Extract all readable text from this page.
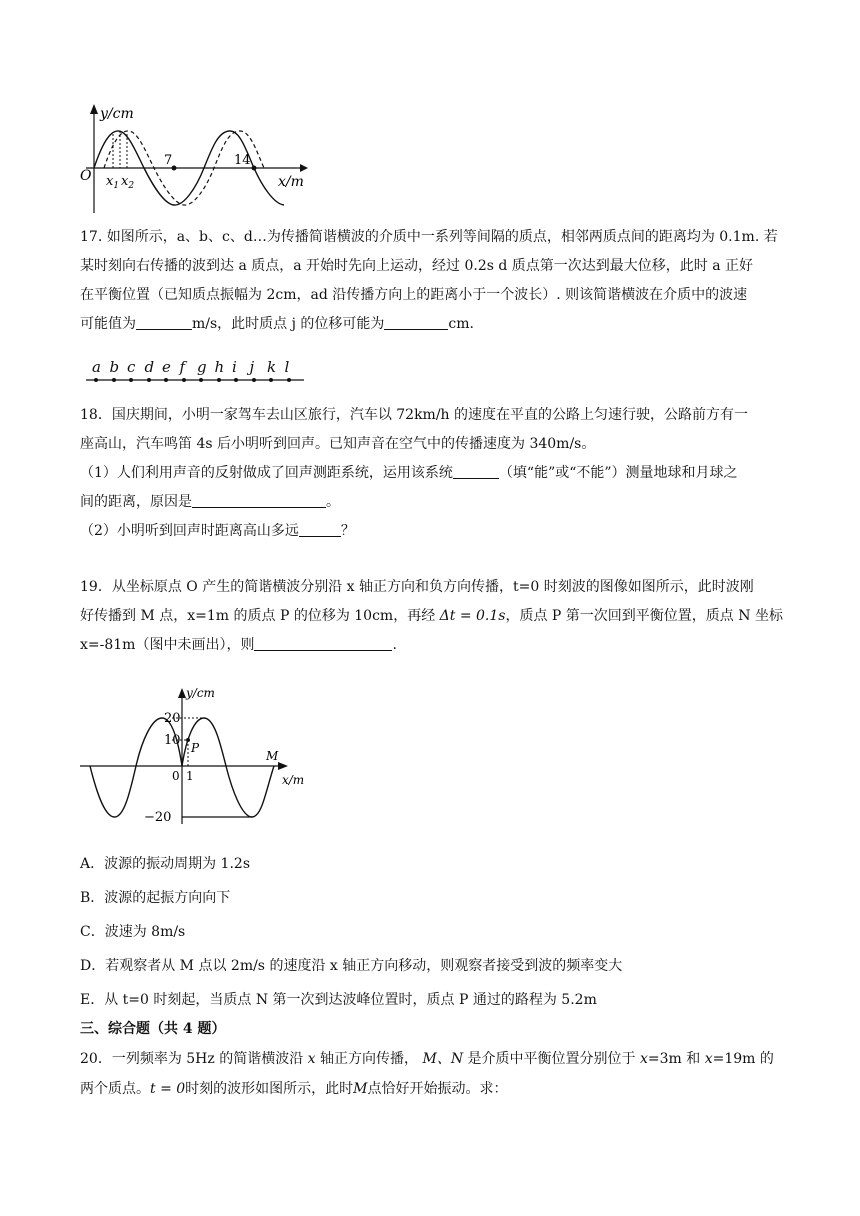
y/cm
x/m
O $x_1$ $x_2$
7	14
17. 如图所示，a、b、c、d…为传播简谐横波的介质中一系列等间隔的质点，相邻两质点间的距离均为 0.1m. 若
某时刻向右传播的波到达 a 质点，a 开始时先向上运动，经过 0.2s d 质点第一次达到最大位移，此时 a 正好
在平衡位置（已知质点振幅为 2cm，ad 沿传播方向上的距离小于一个波长）. 则该简谐横波在介质中的波速
可能值为	m/s，此时质点 j 的位移可能为	cm.
a b c d e f g h i j k l
18．国庆期间，小明一家驾车去山区旅行，汽车以 72km/h 的速度在平直的公路上匀速行驶，公路前方有一
座高山，汽车鸣笛 4s 后小明听到回声。已知声音在空气中的传播速度为 340m/s。
（1）人们利用声音的反射做成了回声测距系统，运用该系统	（填“能”或“不能”）测量地球和月球之
间的距离，原因是	。
（2）小明听到回声时距离高山多远	？
19．从坐标原点 O 产生的简谐横波分别沿 x 轴正方向和负方向传播，t=0 时刻波的图像如图所示，此时波刚
好传播到 M 点，x=1m 的质点 P 的位移为 10cm，再经 Δt = 0.1s，质点 P 第一次回到平衡位置，质点 N 坐标
x=-81m（图中未画出），则	.
y/cm
x/m
20
10
−20
P
0 1
M
A．波源的振动周期为 1.2s
B．波源的起振方向向下
C．波速为 8m/s
D．若观察者从 M 点以 2m/s 的速度沿 x 轴正方向移动，则观察者接受到波的频率变大
E．从 t=0 时刻起，当质点 N 第一次到达波峰位置时，质点 P 通过的路程为 5.2m
三、综合题（共 4 题）
20．一列频率为 5Hz 的简谐横波沿 x 轴正方向传播， M、N 是介质中平衡位置分别位于 x=3m 和 x=19m 的
两个质点。t = 0时刻的波形如图所示，此时M点恰好开始振动。求：
